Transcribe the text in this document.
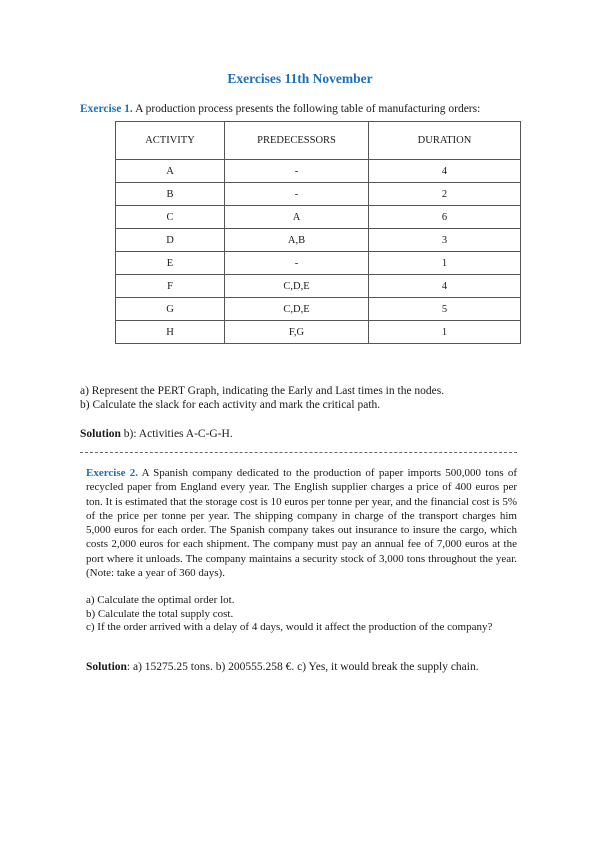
Exercises 11th November
Exercise 1. A production process presents the following table of manufacturing orders:
ACTIVITY	PREDECESSORS	DURATION
A	-	4
B	-	2
C	A	6
D	A,B	3
E	-	1
F	C,D,E	4
G	C,D,E	5
H	F,G	1
a) Represent the PERT Graph, indicating the Early and Last times in the nodes.
b) Calculate the slack for each activity and mark the critical path.
Solution b): Activities A-C-G-H.
Exercise 2. A Spanish company dedicated to the production of paper imports 500,000 tons of recycled paper from England every year. The English supplier charges a price of 400 euros per ton. It is estimated that the storage cost is 10 euros per tonne per year, and the financial cost is 5% of the price per tonne per year. The shipping company in charge of the transport charges him 5,000 euros for each order. The Spanish company takes out insurance to insure the cargo, which costs 2,000 euros for each shipment. The company must pay an annual fee of 7,000 euros at the port where it unloads. The company maintains a security stock of 3,000 tons throughout the year. (Note: take a year of 360 days).
a) Calculate the optimal order lot.
b) Calculate the total supply cost.
c) If the order arrived with a delay of 4 days, would it affect the production of the company?
Solution: a) 15275.25 tons. b) 200555.258 €. c) Yes, it would break the supply chain.
